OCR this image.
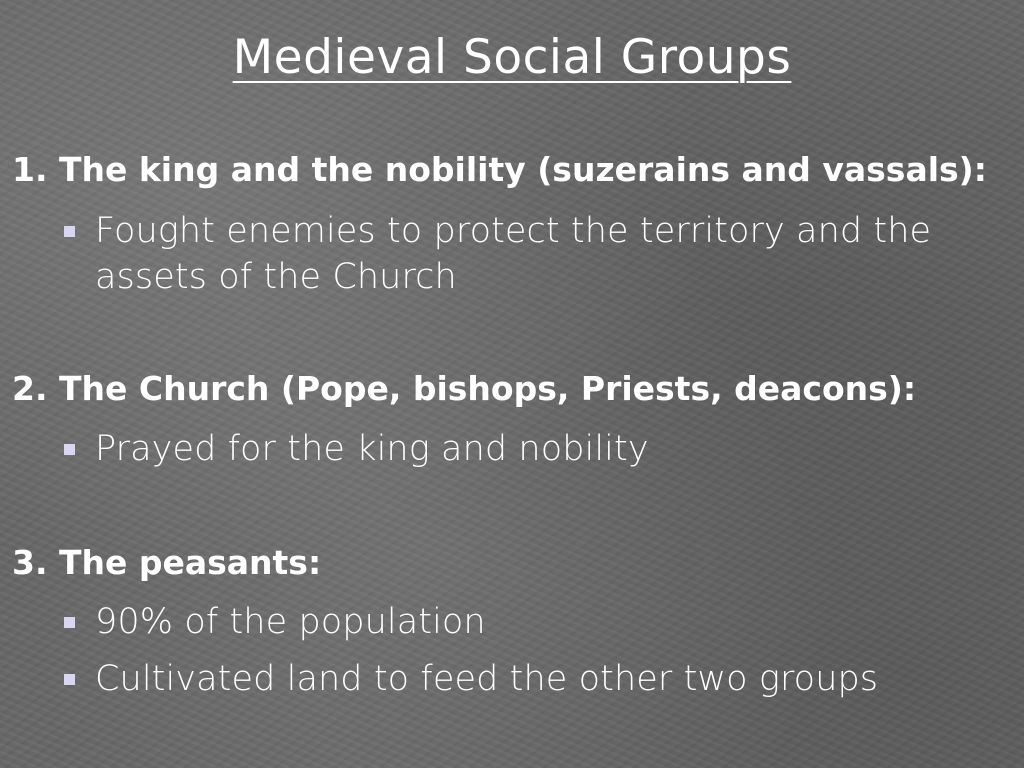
Medieval Social Groups
1. The king and the nobility (suzerains and vassals):
Fought enemies to protect the territory and the assets of the Church
2. The Church (Pope, bishops, Priests, deacons):
Prayed for the king and nobility
3. The peasants:
90% of the population
Cultivated land to feed the other two groups
